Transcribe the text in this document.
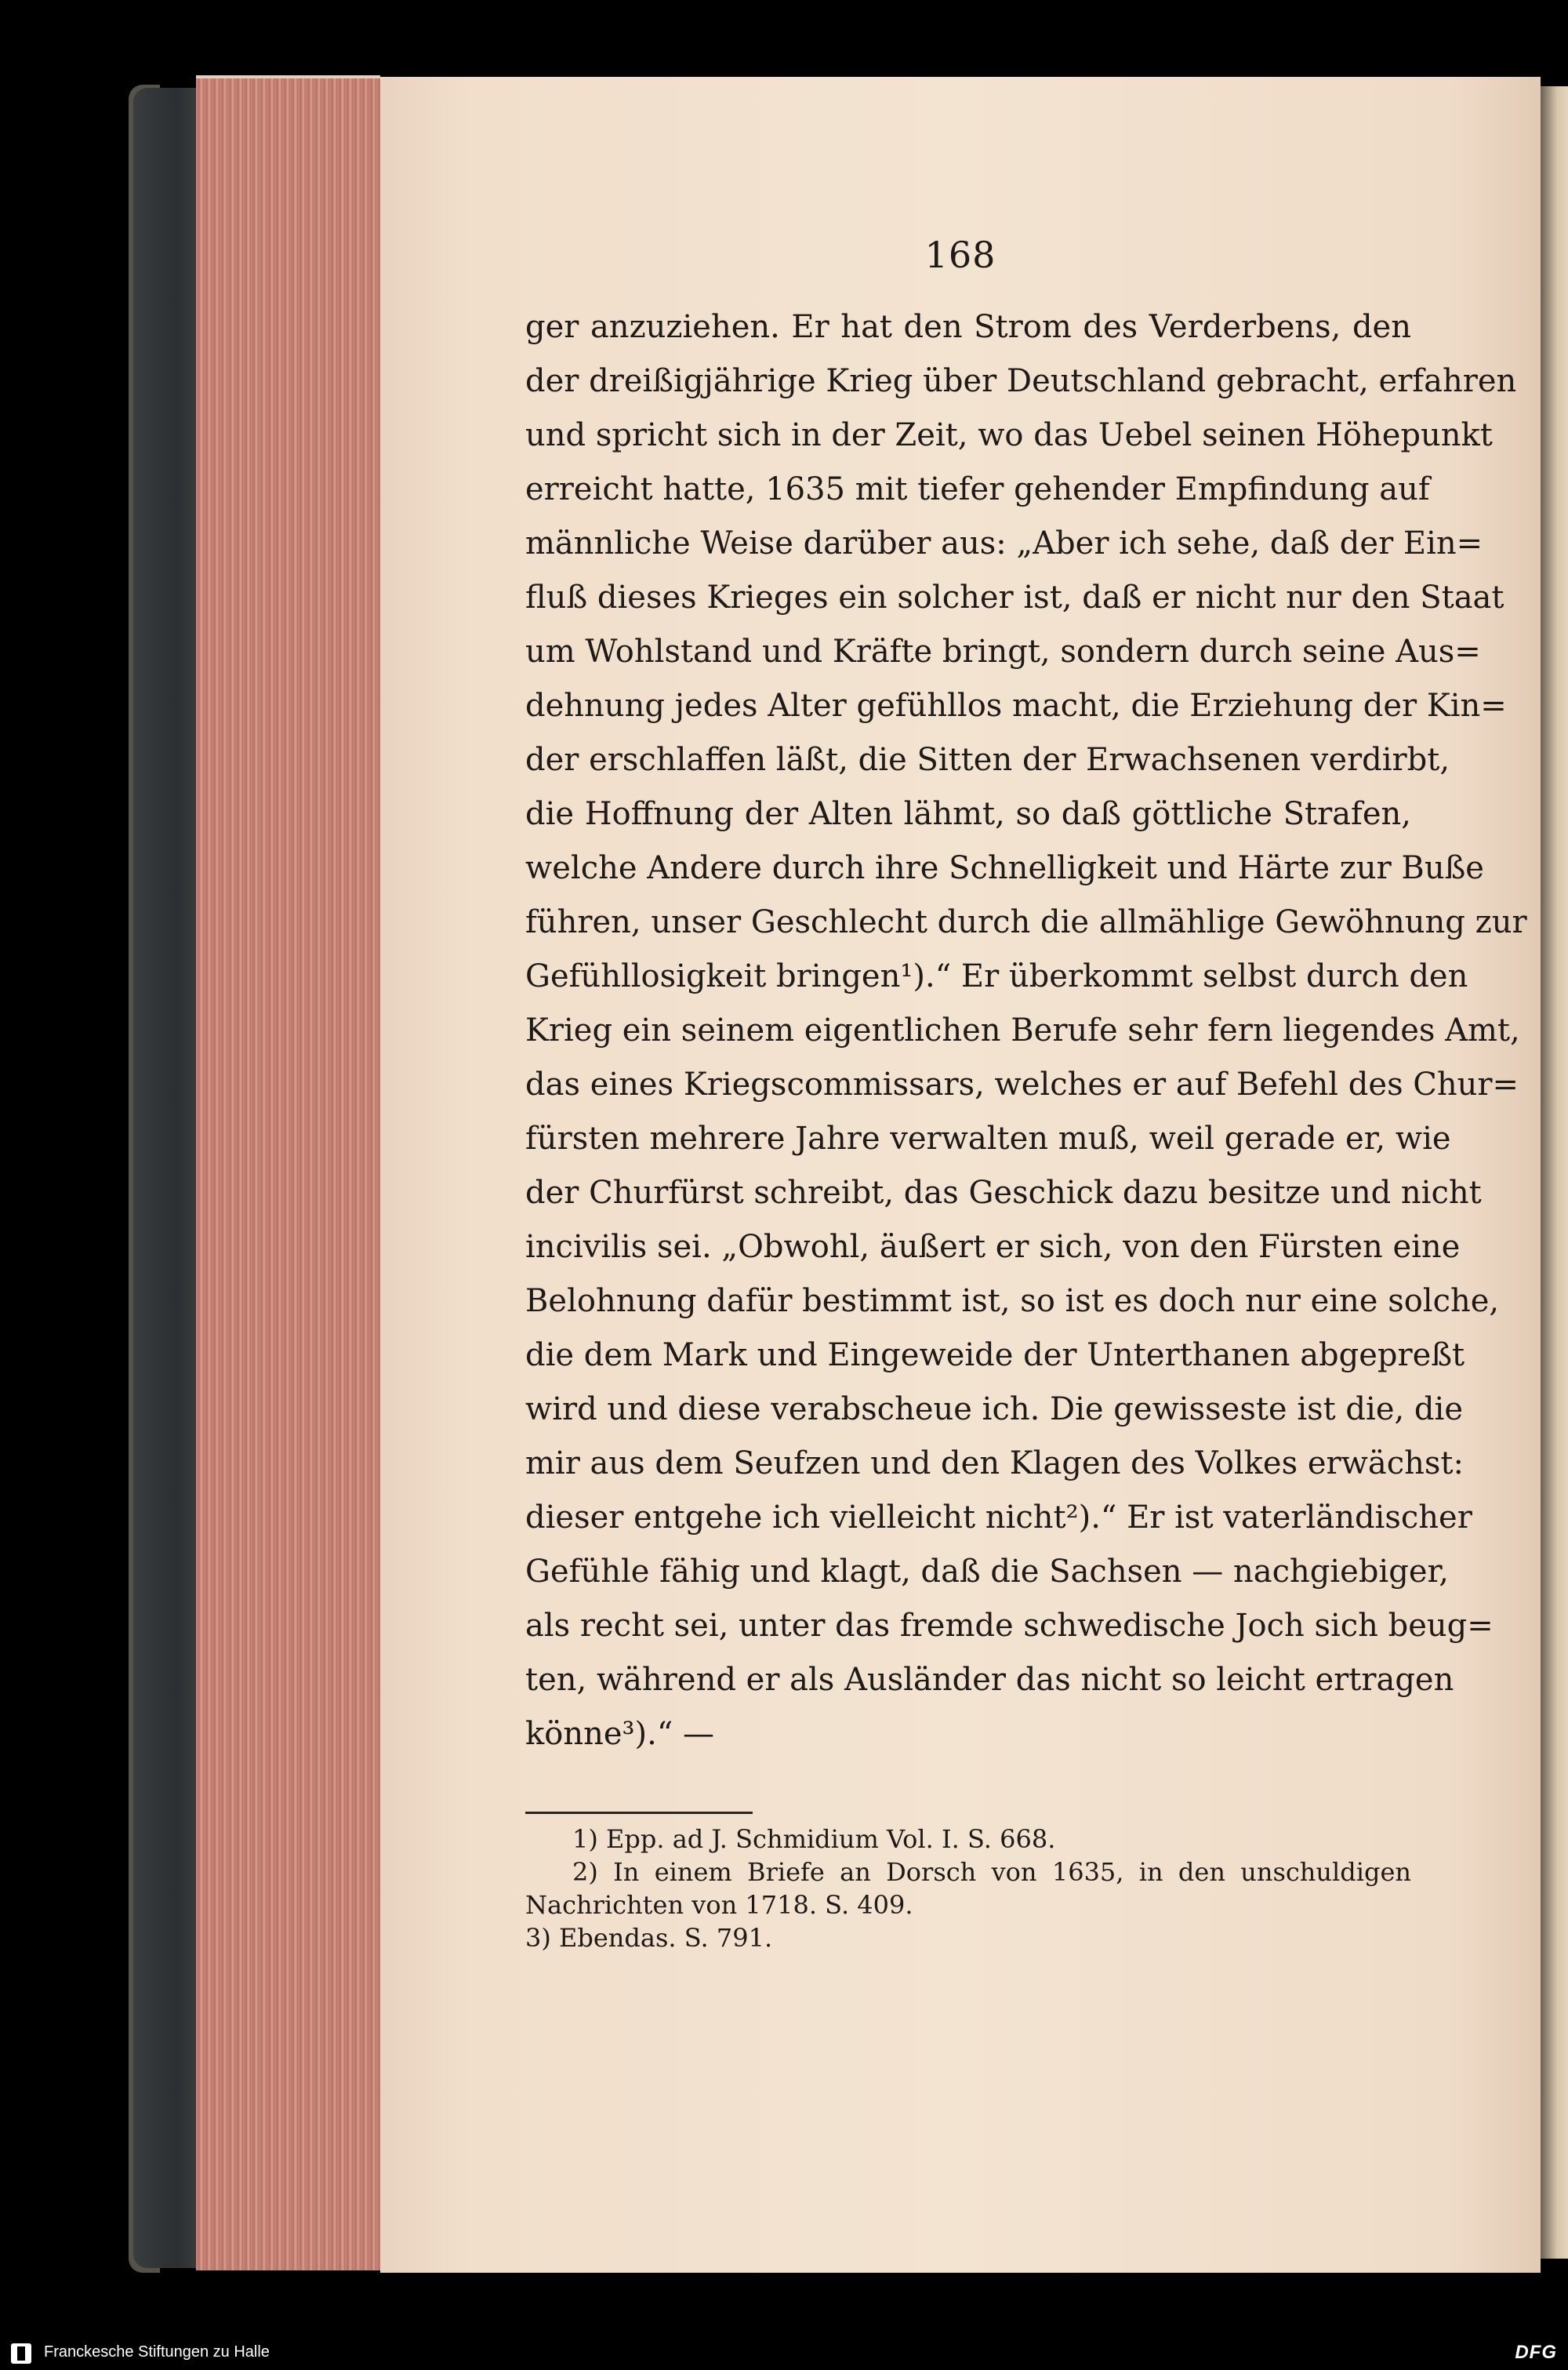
168
ger anzuziehen. Er hat den Strom des Verderbens, den
der dreißigjährige Krieg über Deutschland gebracht, erfahren
und spricht sich in der Zeit, wo das Uebel seinen Höhepunkt
erreicht hatte, 1635 mit tiefer gehender Empfindung auf
männliche Weise darüber aus: „Aber ich sehe, daß der Ein=
fluß dieses Krieges ein solcher ist, daß er nicht nur den Staat
um Wohlstand und Kräfte bringt, sondern durch seine Aus=
dehnung jedes Alter gefühllos macht, die Erziehung der Kin=
der erschlaffen läßt, die Sitten der Erwachsenen verdirbt,
die Hoffnung der Alten lähmt, so daß göttliche Strafen,
welche Andere durch ihre Schnelligkeit und Härte zur Buße
führen, unser Geschlecht durch die allmählige Gewöhnung zur
Gefühllosigkeit bringen¹).“ Er überkommt selbst durch den
Krieg ein seinem eigentlichen Berufe sehr fern liegendes Amt,
das eines Kriegscommissars, welches er auf Befehl des Chur=
fürsten mehrere Jahre verwalten muß, weil gerade er, wie
der Churfürst schreibt, das Geschick dazu besitze und nicht
incivilis sei. „Obwohl, äußert er sich, von den Fürsten eine
Belohnung dafür bestimmt ist, so ist es doch nur eine solche,
die dem Mark und Eingeweide der Unterthanen abgepreßt
wird und diese verabscheue ich. Die gewisseste ist die, die
mir aus dem Seufzen und den Klagen des Volkes erwächst:
dieser entgehe ich vielleicht nicht²).“ Er ist vaterländischer
Gefühle fähig und klagt, daß die Sachsen — nachgiebiger,
als recht sei, unter das fremde schwedische Joch sich beug=
ten, während er als Ausländer das nicht so leicht ertragen
könne³).“ —
1) Epp. ad J. Schmidium Vol. I. S. 668.
2) In einem Briefe an Dorsch von 1635, in den unschuldigen
Nachrichten von 1718. S. 409.
3) Ebendas. S. 791.
Franckesche Stiftungen zu Halle	DFG
